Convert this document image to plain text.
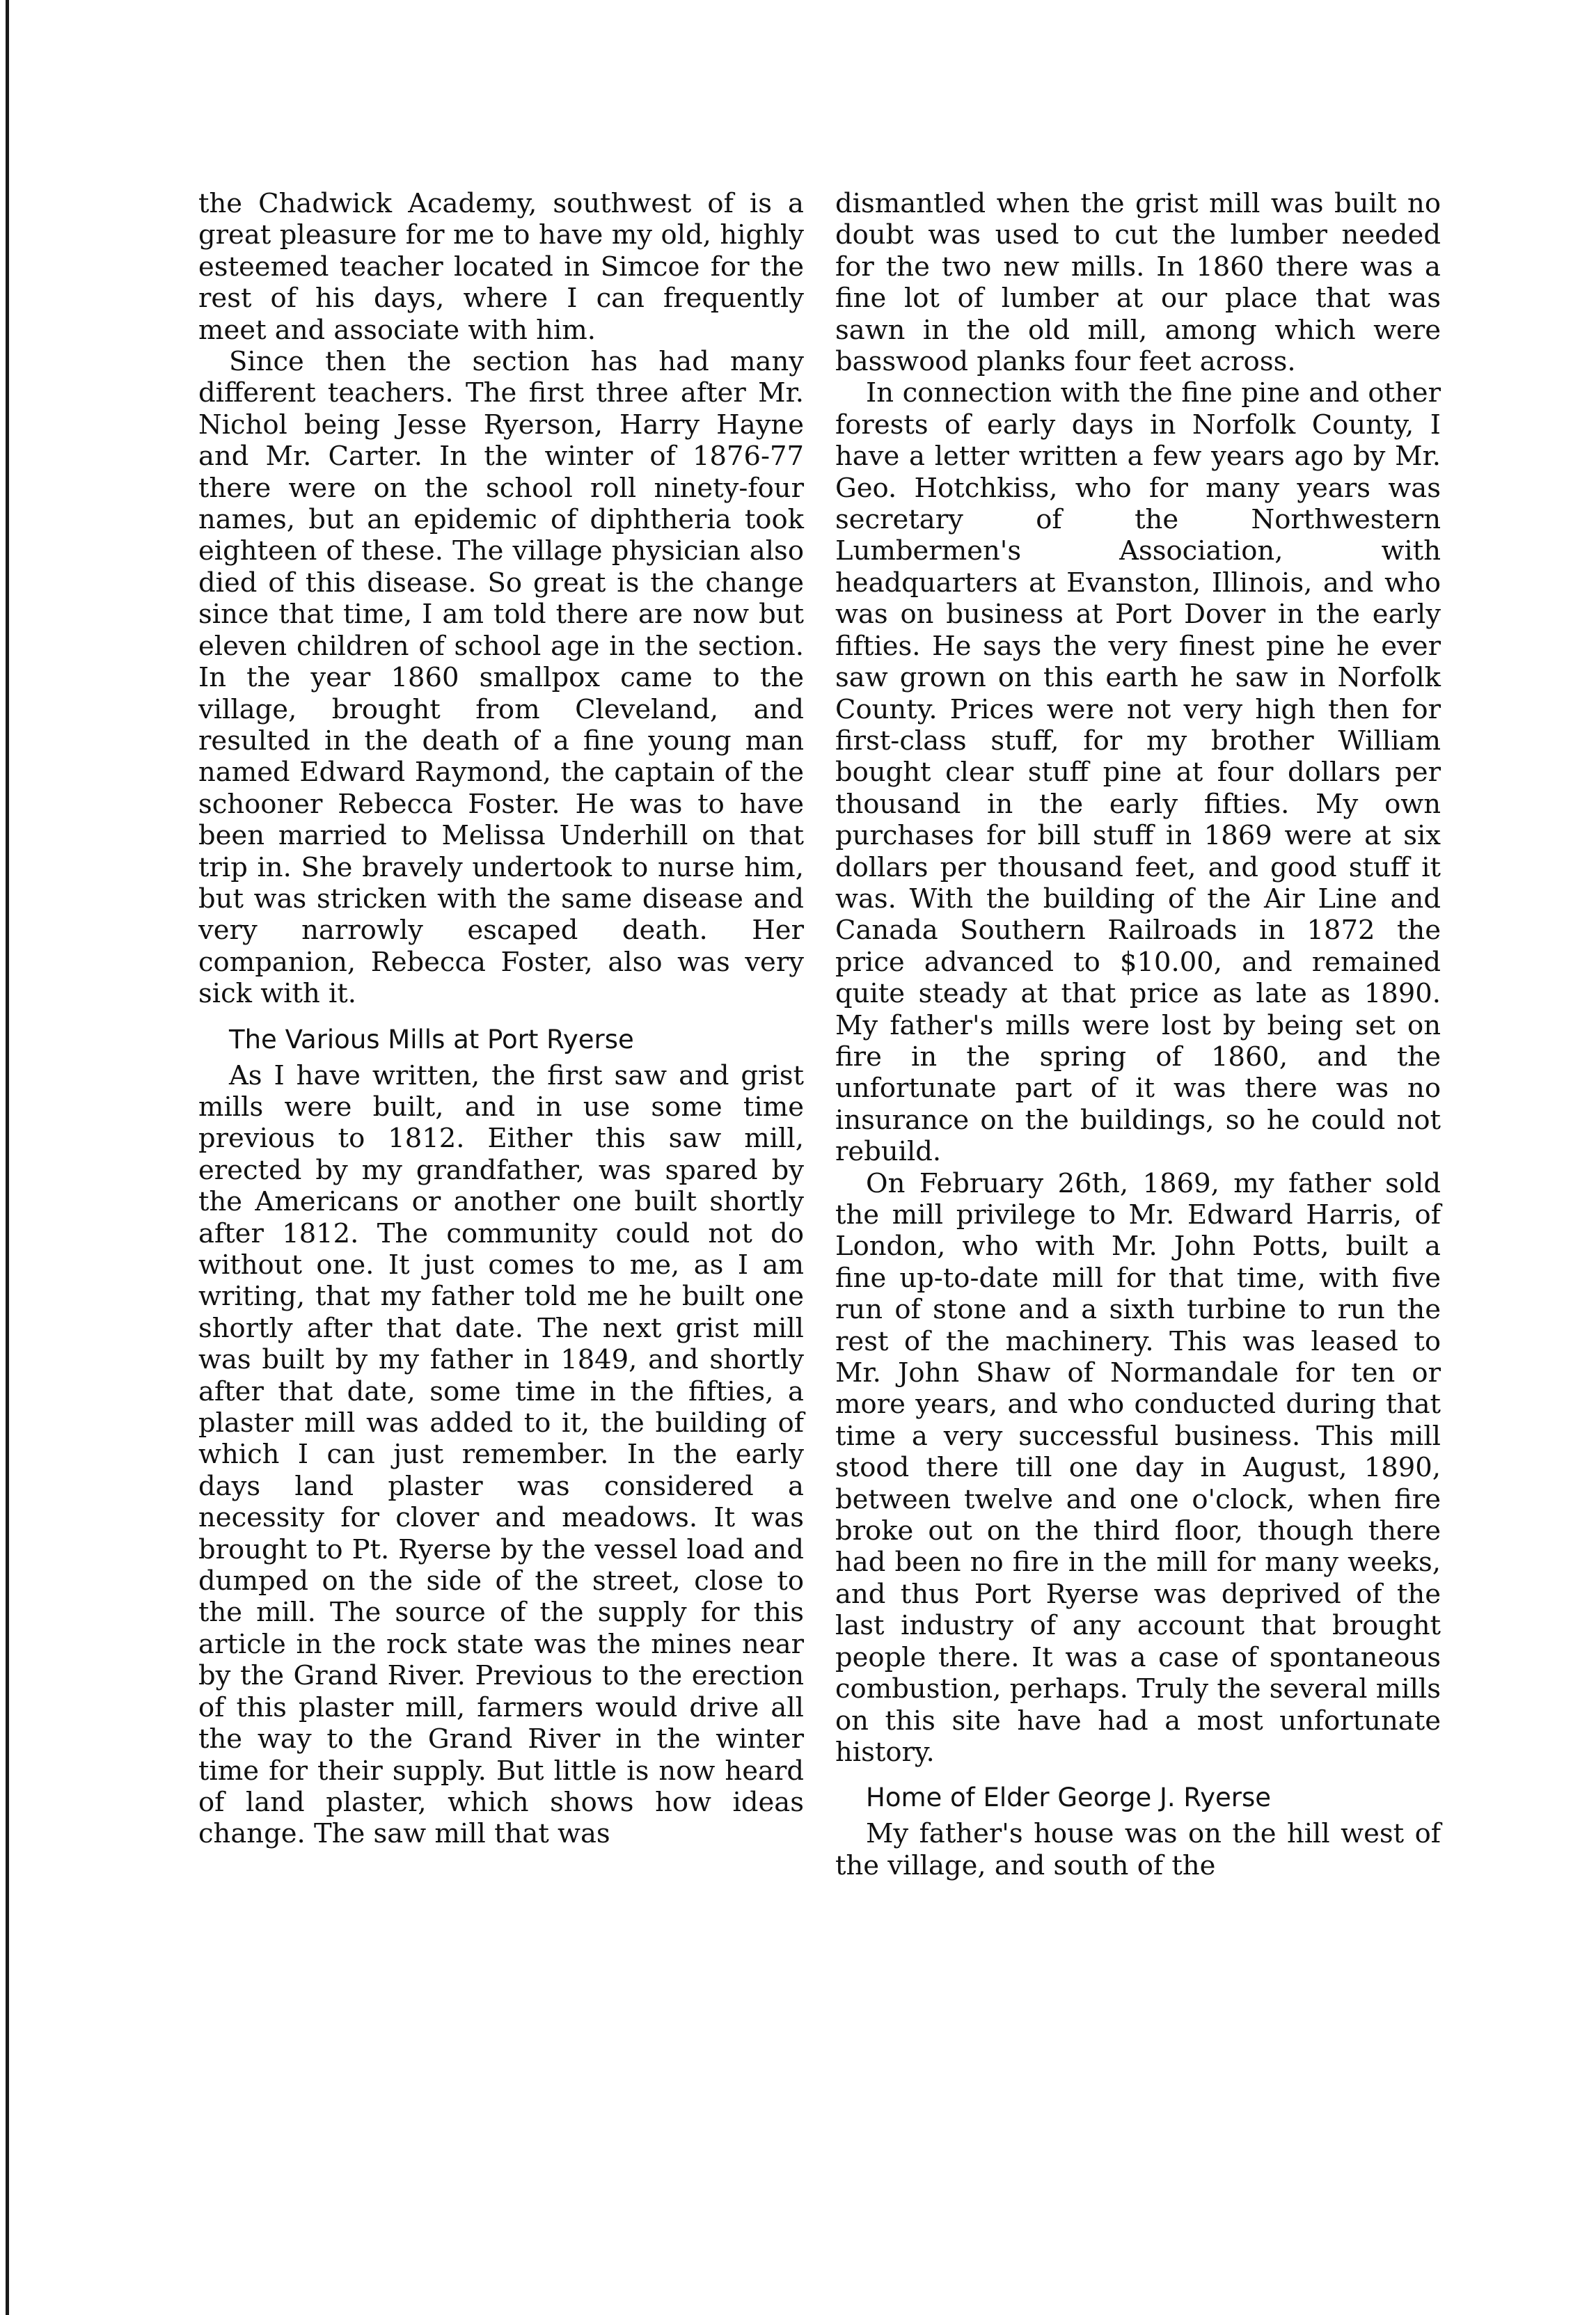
the Chadwick Academy, southwest of is a great pleasure for me to have my old, highly esteemed teacher located in Simcoe for the rest of his days, where I can frequently meet and associate with him.

Since then the section has had many different teachers. The first three after Mr. Nichol being Jesse Ryerson, Harry Hayne and Mr. Carter. In the winter of 1876-77 there were on the school roll ninety-four names, but an epidemic of diphtheria took eighteen of these. The village physician also died of this disease. So great is the change since that time, I am told there are now but eleven children of school age in the section. In the year 1860 smallpox came to the village, brought from Cleveland, and resulted in the death of a fine young man named Edward Raymond, the captain of the schooner Rebecca Foster. He was to have been married to Melissa Underhill on that trip in. She bravely undertook to nurse him, but was stricken with the same disease and very narrowly escaped death. Her companion, Rebecca Foster, also was very sick with it.

The Various Mills at Port Ryerse

As I have written, the first saw and grist mills were built, and in use some time previous to 1812. Either this saw mill, erected by my grandfather, was spared by the Americans or another one built shortly after 1812. The community could not do without one. It just comes to me, as I am writing, that my father told me he built one shortly after that date. The next grist mill was built by my father in 1849, and shortly after that date, some time in the fifties, a plaster mill was added to it, the building of which I can just remember. In the early days land plaster was considered a necessity for clover and meadows. It was brought to Pt. Ryerse by the vessel load and dumped on the side of the street, close to the mill. The source of the supply for this article in the rock state was the mines near by the Grand River. Previous to the erection of this plaster mill, farmers would drive all the way to the Grand River in the winter time for their supply. But little is now heard of land plaster, which shows how ideas change. The saw mill that was

dismantled when the grist mill was built no doubt was used to cut the lumber needed for the two new mills. In 1860 there was a fine lot of lumber at our place that was sawn in the old mill, among which were basswood planks four feet across.

In connection with the fine pine and other forests of early days in Norfolk County, I have a letter written a few years ago by Mr. Geo. Hotchkiss, who for many years was secretary of the Northwestern Lumbermen's Association, with headquarters at Evanston, Illinois, and who was on business at Port Dover in the early fifties. He says the very finest pine he ever saw grown on this earth he saw in Norfolk County. Prices were not very high then for first-class stuff, for my brother William bought clear stuff pine at four dollars per thousand in the early fifties. My own purchases for bill stuff in 1869 were at six dollars per thousand feet, and good stuff it was. With the building of the Air Line and Canada Southern Railroads in 1872 the price advanced to $10.00, and remained quite steady at that price as late as 1890. My father's mills were lost by being set on fire in the spring of 1860, and the unfortunate part of it was there was no insurance on the buildings, so he could not rebuild.

On February 26th, 1869, my father sold the mill privilege to Mr. Edward Harris, of London, who with Mr. John Potts, built a fine up-to-date mill for that time, with five run of stone and a sixth turbine to run the rest of the machinery. This was leased to Mr. John Shaw of Normandale for ten or more years, and who conducted during that time a very successful business. This mill stood there till one day in August, 1890, between twelve and one o'clock, when fire broke out on the third floor, though there had been no fire in the mill for many weeks, and thus Port Ryerse was deprived of the last industry of any account that brought people there. It was a case of spontaneous combustion, perhaps. Truly the several mills on this site have had a most unfortunate history.

Home of Elder George J. Ryerse

My father's house was on the hill west of the village, and south of the
